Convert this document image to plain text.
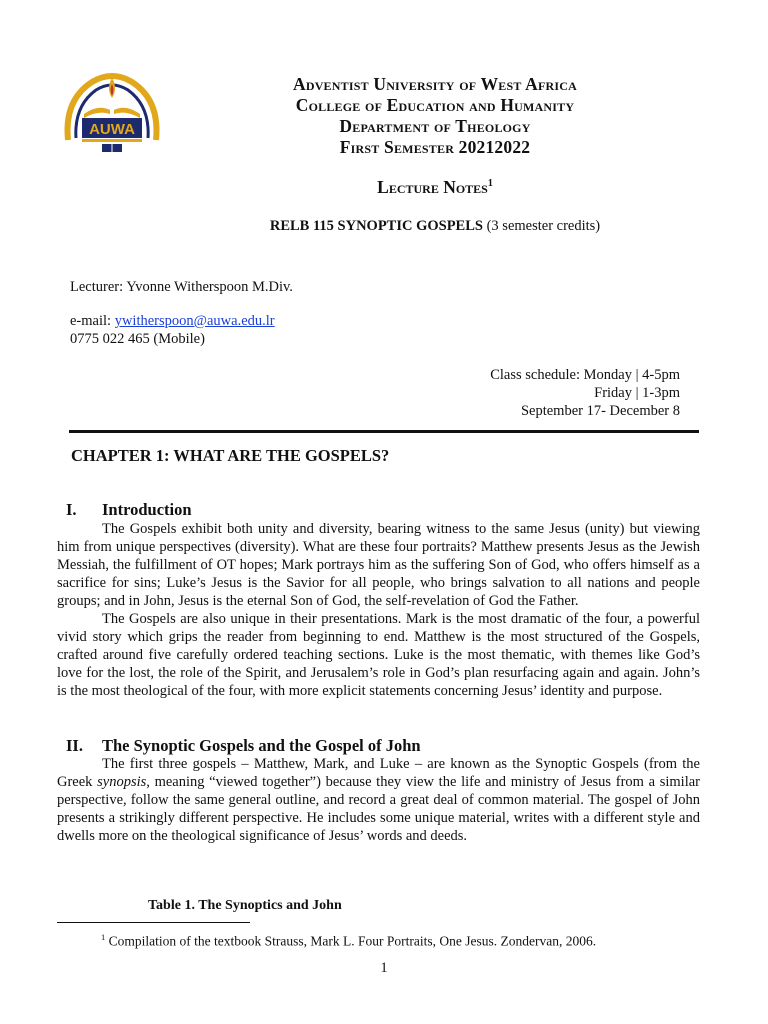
AUWA
Adventist University of West Africa
College of Education and Humanity
Department of Theology
First Semester 20212022
Lecture Notes$^1$
RELB 115 SYNOPTIC GOSPELS (3 semester credits)
Lecturer: Yvonne Witherspoon M.Div.
e-mail: ywitherspoon@auwa.edu.lr
0775 022 465 (Mobile)
Class schedule: Monday | 4-5pm
Friday | 1-3pm
September 17- December 8
CHAPTER 1: WHAT ARE THE GOSPELS?
I. Introduction

The Gospels exhibit both unity and diversity, bearing witness to the same Jesus (unity) but viewing him from unique perspectives (diversity). What are these four portraits? Matthew presents Jesus as the Jewish Messiah, the fulfillment of OT hopes; Mark portrays him as the suffering Son of God, who offers himself as a sacrifice for sins; Luke’s Jesus is the Savior for all people, who brings salvation to all nations and people groups; and in John, Jesus is the eternal Son of God, the self-revelation of God the Father.

The Gospels are also unique in their presentations. Mark is the most dramatic of the four, a powerful vivid story which grips the reader from beginning to end. Matthew is the most structured of the Gospels, crafted around five carefully ordered teaching sections. Luke is the most thematic, with themes like God’s love for the lost, the role of the Spirit, and Jerusalem’s role in God’s plan resurfacing again and again. John’s is the most theological of the four, with more explicit statements concerning Jesus’ identity and purpose.

II. The Synoptic Gospels and the Gospel of John

The first three gospels – Matthew, Mark, and Luke – are known as the Synoptic Gospels (from the Greek synopsis, meaning “viewed together”) because they view the life and ministry of Jesus from a similar perspective, follow the same general outline, and record a great deal of common material. The gospel of John presents a strikingly different perspective. He includes some unique material, writes with a different style and dwells more on the theological significance of Jesus’ words and deeds.

Table 1. The Synoptics and John
$^1$ Compilation of the textbook Strauss, Mark L. Four Portraits, One Jesus. Zondervan, 2006.
1
